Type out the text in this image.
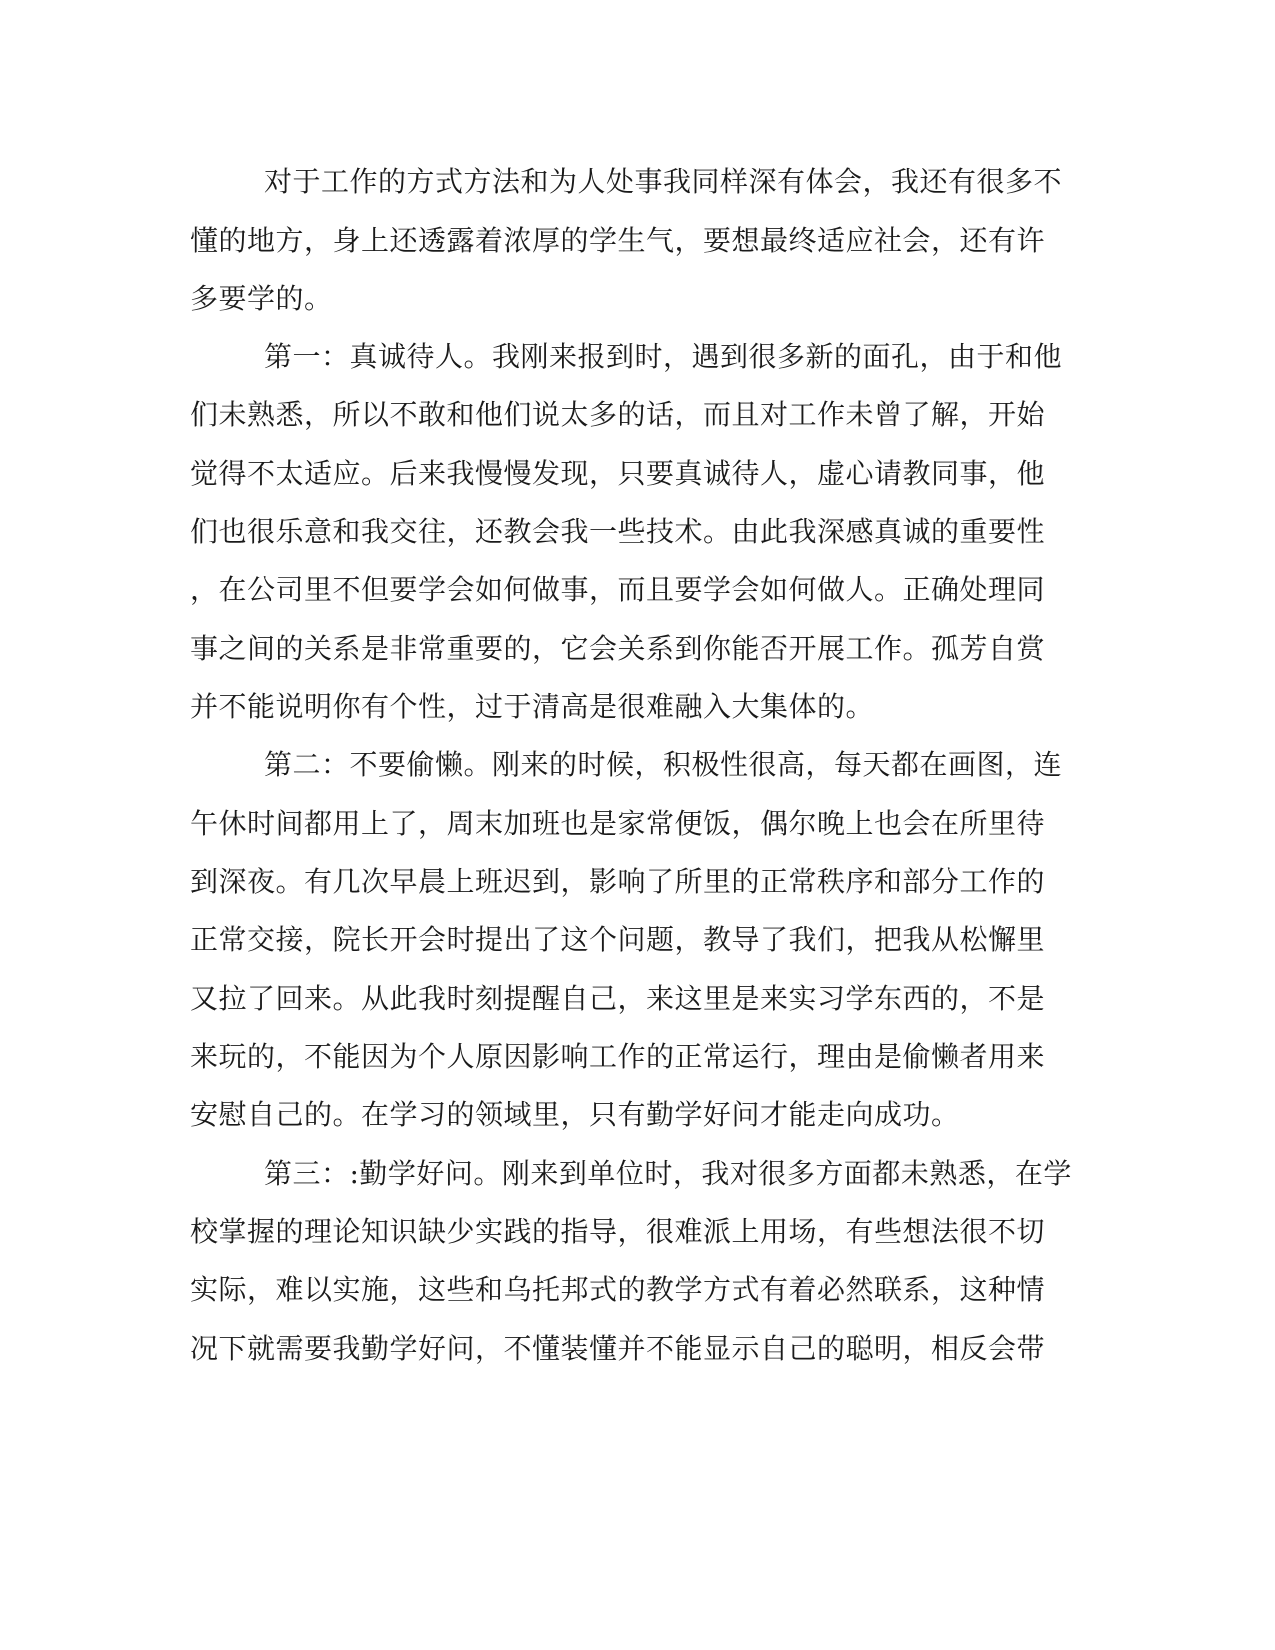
对于工作的方式方法和为人处事我同样深有体会，我还有很多不
懂的地方，身上还透露着浓厚的学生气，要想最终适应社会，还有许
多要学的。
第一：真诚待人。我刚来报到时，遇到很多新的面孔，由于和他
们未熟悉，所以不敢和他们说太多的话，而且对工作未曾了解，开始
觉得不太适应。后来我慢慢发现，只要真诚待人，虚心请教同事，他
们也很乐意和我交往，还教会我一些技术。由此我深感真诚的重要性
，在公司里不但要学会如何做事，而且要学会如何做人。正确处理同
事之间的关系是非常重要的，它会关系到你能否开展工作。孤芳自赏
并不能说明你有个性，过于清高是很难融入大集体的。
第二：不要偷懒。刚来的时候，积极性很高，每天都在画图，连
午休时间都用上了，周末加班也是家常便饭，偶尔晚上也会在所里待
到深夜。有几次早晨上班迟到，影响了所里的正常秩序和部分工作的
正常交接，院长开会时提出了这个问题，教导了我们，把我从松懈里
又拉了回来。从此我时刻提醒自己，来这里是来实习学东西的，不是
来玩的，不能因为个人原因影响工作的正常运行，理由是偷懒者用来
安慰自己的。在学习的领域里，只有勤学好问才能走向成功。
第三：:勤学好问。刚来到单位时，我对很多方面都未熟悉，在学
校掌握的理论知识缺少实践的指导，很难派上用场，有些想法很不切
实际，难以实施，这些和乌托邦式的教学方式有着必然联系，这种情
况下就需要我勤学好问，不懂装懂并不能显示自己的聪明，相反会带
